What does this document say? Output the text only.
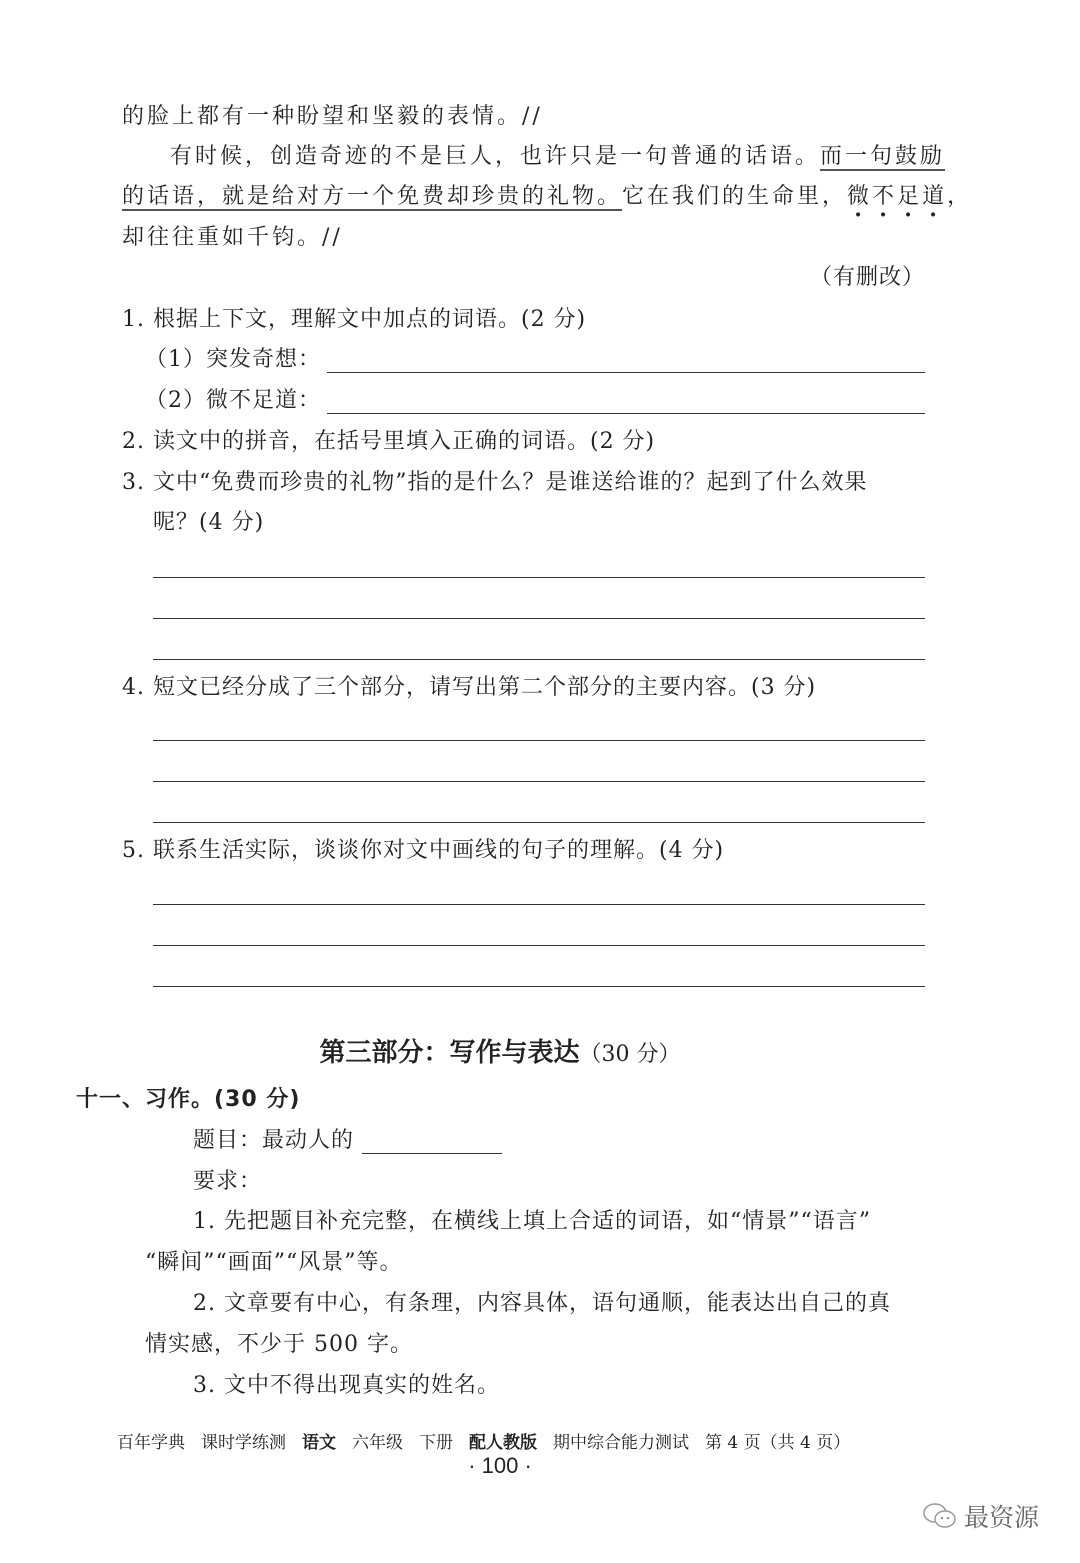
的脸上都有一种盼望和坚毅的表情。//
有时候，创造奇迹的不是巨人，也许只是一句普通的话语。而一句鼓励
的话语，就是给对方一个免费却珍贵的礼物。它在我们的生命里，微不足道，
却往往重如千钧。//
（有删改）
1. 根据上下文，理解文中加点的词语。(2 分)
（1）突发奇想：
（2）微不足道：
2. 读文中的拼音，在括号里填入正确的词语。(2 分)
3. 文中“免费而珍贵的礼物”指的是什么？是谁送给谁的？起到了什么效果
呢？(4 分)
4. 短文已经分成了三个部分，请写出第二个部分的主要内容。(3 分)
5. 联系生活实际，谈谈你对文中画线的句子的理解。(4 分)
第三部分：写作与表达（30 分）
十一、习作。(30 分)
题目：最动人的
要求：
1. 先把题目补充完整，在横线上填上合适的词语，如“情景”“语言”
“瞬间”“画面”“风景”等。
2. 文章要有中心，有条理，内容具体，语句通顺，能表达出自己的真
情实感，不少于 500 字。
3. 文中不得出现真实的姓名。
百年学典 课时学练测 语文 六年级 下册 配人教版 期中综合能力测试 第 4 页（共 4 页）
· 100 ·
最资源
